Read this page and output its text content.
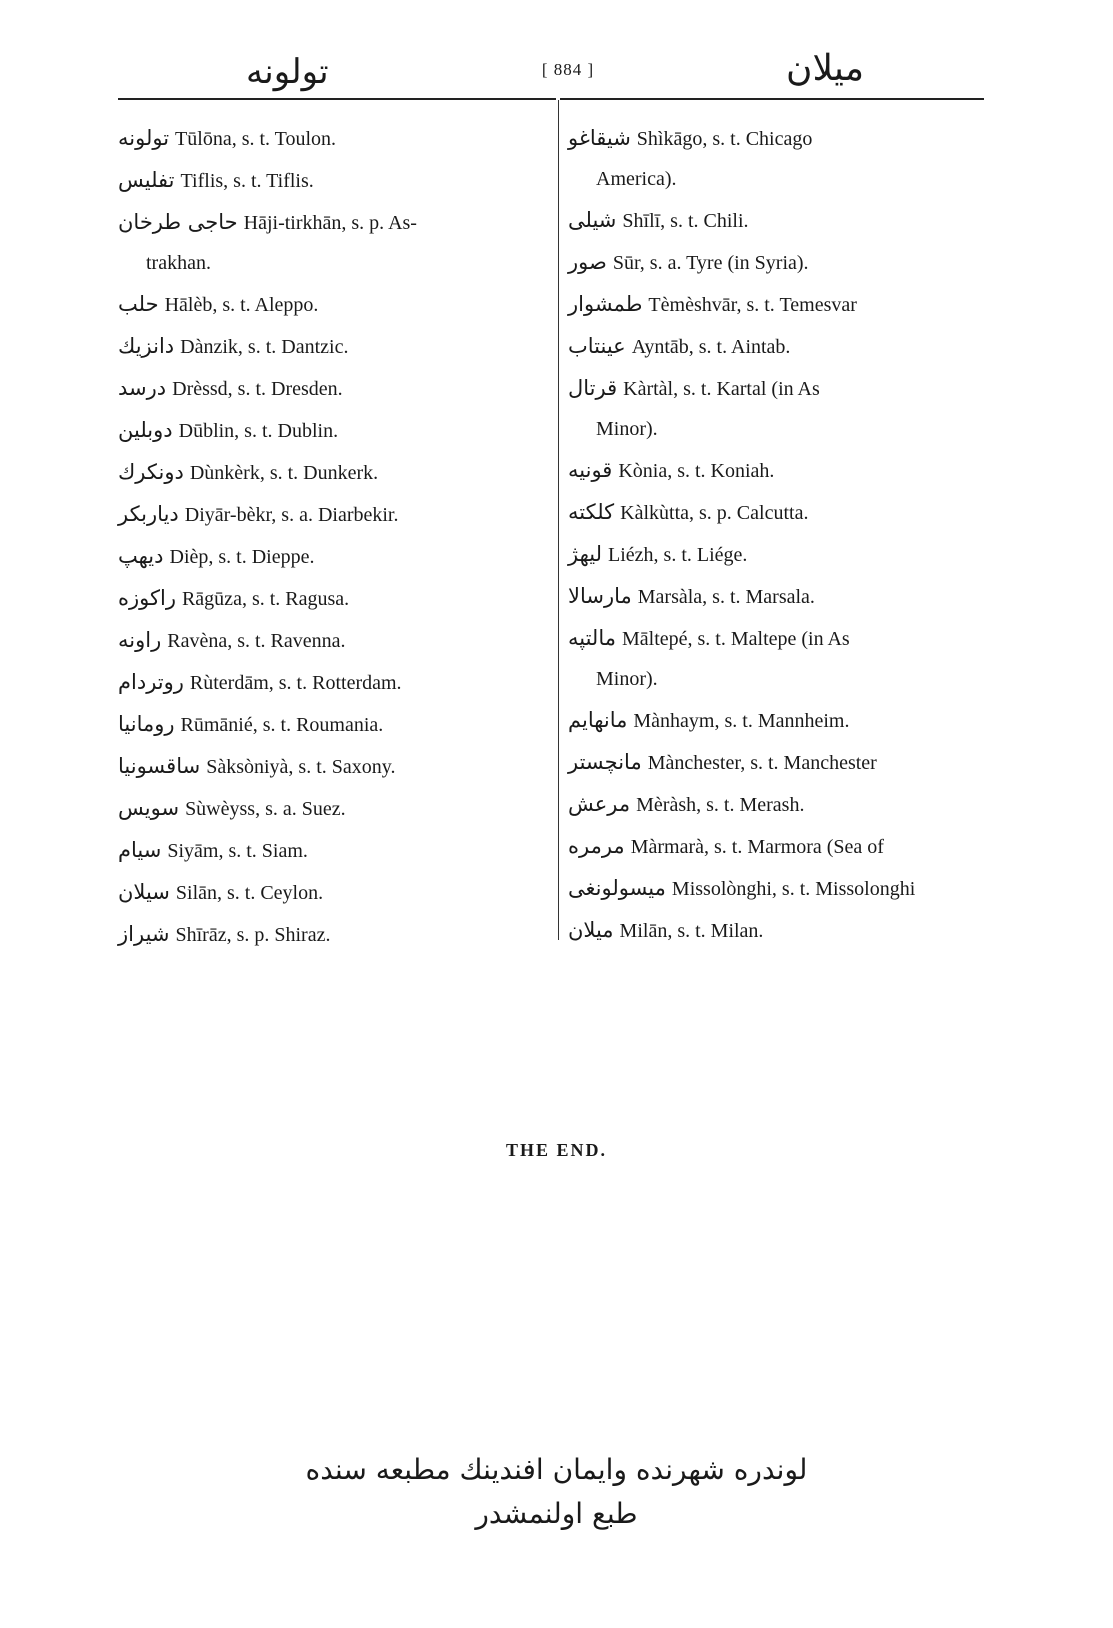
تولونه	[ 884 ]	میلان
تولونه Tūlōna, s. t. Toulon.
تفلیس Tiflis, s. t. Tiflis.
حاجی طرخان Hāji-tirkhān, s. p. As-
trakhan.
حلب Hālèb, s. t. Aleppo.
دانزیك Dànzik, s. t. Dantzic.
درسد Drèssd, s. t. Dresden.
دوبلین Dūblin, s. t. Dublin.
دونكرك Dùnkèrk, s. t. Dunkerk.
دیاربكر Diyār-bèkr, s. a. Diarbekir.
دیهپ Dièp, s. t. Dieppe.
راكوزه Rāgūza, s. t. Ragusa.
راونه Ravèna, s. t. Ravenna.
روتردام Rùterdām, s. t. Rotterdam.
رومانیا Rūmānié, s. t. Roumania.
ساقسونیا Sàksòniyà, s. t. Saxony.
سویس Sùwèyss, s. a. Suez.
سیام Siyām, s. t. Siam.
سیلان Silān, s. t. Ceylon.
شیراز Shīrāz, s. p. Shiraz.
شیقاغو Shìkāgo, s. t. Chicago
America).
شیلی Shīlī, s. t. Chili.
صور Sūr, s. a. Tyre (in Syria).
طمشوار Tèmèshvār, s. t. Temesvar
عینتاب Ayntāb, s. t. Aintab.
قرتال Kàrtàl, s. t. Kartal (in As
Minor).
قونیه Kònia, s. t. Koniah.
كلكته Kàlkùtta, s. p. Calcutta.
لیهژ Liézh, s. t. Liége.
مارسالا Marsàla, s. t. Marsala.
مالتپه Māltepé, s. t. Maltepe (in As
Minor).
مانهایم Mànhaym, s. t. Mannheim.
مانچستر Mànchester, s. t. Manchester
مرعش Mèràsh, s. t. Merash.
مرمره Màrmarà, s. t. Marmora (Sea of
میسولونغی Missolònghi, s. t. Missolonghi
میلان Milān, s. t. Milan.
THE END.
لوندره شهرنده وایمان افندینك مطبعه سنده
طبع اولنمشدر
